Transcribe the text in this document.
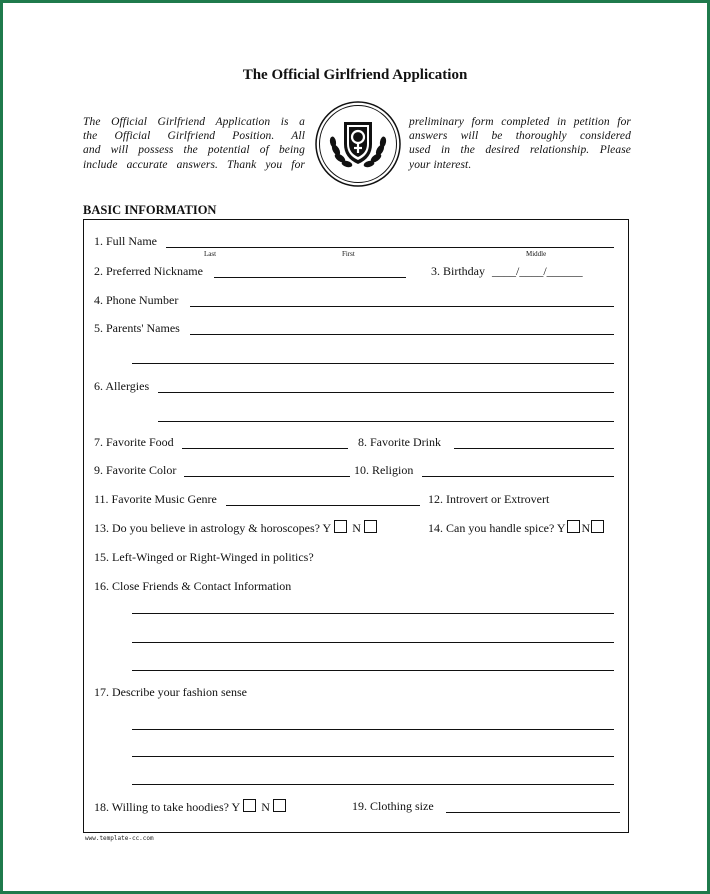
The Official Girlfriend Application
The Official Girlfriend Application is a
the Official Girlfriend Position. All
and will possess the potential of being
include accurate answers. Thank you for
preliminary form completed in petition for
answers will be thoroughly considered
used in the desired relationship. Please
your interest.
BASIC INFORMATION
1. Full Name
Last	First	Middle
2. Preferred Nickname	3. Birthday ____/____/______
4. Phone Number
5. Parents' Names
6. Allergies
7. Favorite Food	8. Favorite Drink
9. Favorite Color	10. Religion
11. Favorite Music Genre	12. Introvert or Extrovert
13. Do you believe in astrology & horoscopes? Y N	14. Can you handle spice? Y N
15. Left-Winged or Right-Winged in politics?
16. Close Friends & Contact Information
17. Describe your fashion sense
18. Willing to take hoodies? Y N	19. Clothing size
www.template-cc.com
